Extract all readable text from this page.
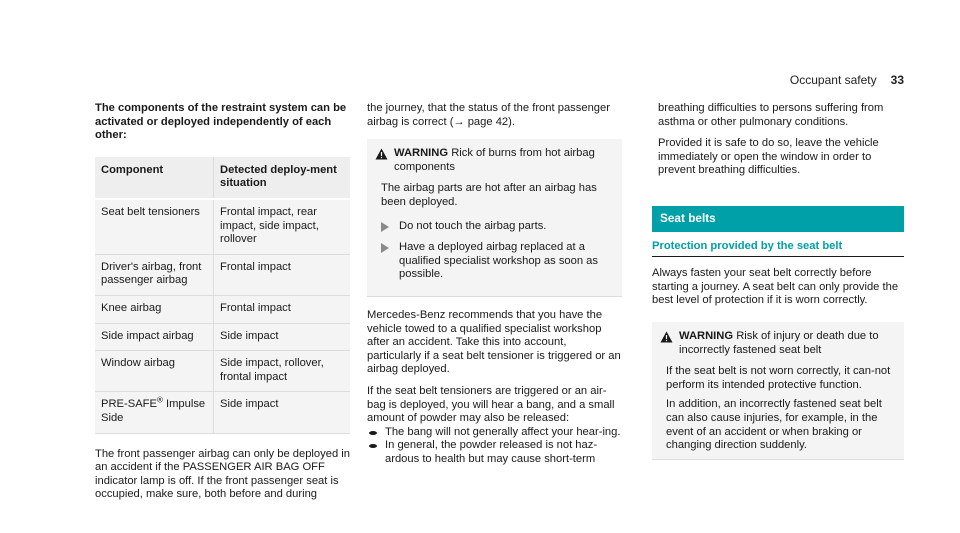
Occupant safety 33

The components of the restraint system can be activated or deployed independently of each other:

Component	Detected deploy-ment situation
Seat belt tensioners	Frontal impact, rear impact, side impact, rollover
Driver's airbag, front passenger airbag	Frontal impact
Knee airbag	Frontal impact
Side impact airbag	Side impact
Window airbag	Side impact, rollover, frontal impact
PRE-SAFE® Impulse Side	Side impact

The front passenger airbag can only be deployed in an accident if the PASSENGER AIR BAG OFF indicator lamp is off. If the front passenger seat is occupied, make sure, both before and during

the journey, that the status of the front passenger airbag is correct (→ page 42).

WARNING Rick of burns from hot airbag components

The airbag parts are hot after an airbag has been deployed.

Do not touch the airbag parts.
Have a deployed airbag replaced at a qualified specialist workshop as soon as possible.

Mercedes-Benz recommends that you have the vehicle towed to a qualified specialist workshop after an accident. Take this into account, particularly if a seat belt tensioner is triggered or an airbag deployed.

If the seat belt tensioners are triggered or an air-bag is deployed, you will hear a bang, and a small amount of powder may also be released:

The bang will not generally affect your hear-ing.
In general, the powder released is not haz-ardous to health but may cause short-term

breathing difficulties to persons suffering from asthma or other pulmonary conditions.

Provided it is safe to do so, leave the vehicle immediately or open the window in order to prevent breathing difficulties.

Seat belts
Protection provided by the seat belt

Always fasten your seat belt correctly before starting a journey. A seat belt can only provide the best level of protection if it is worn correctly.

WARNING Risk of injury or death due to incorrectly fastened seat belt

If the seat belt is not worn correctly, it can-not perform its intended protective function.

In addition, an incorrectly fastened seat belt can also cause injuries, for example, in the event of an accident or when braking or changing direction suddenly.
